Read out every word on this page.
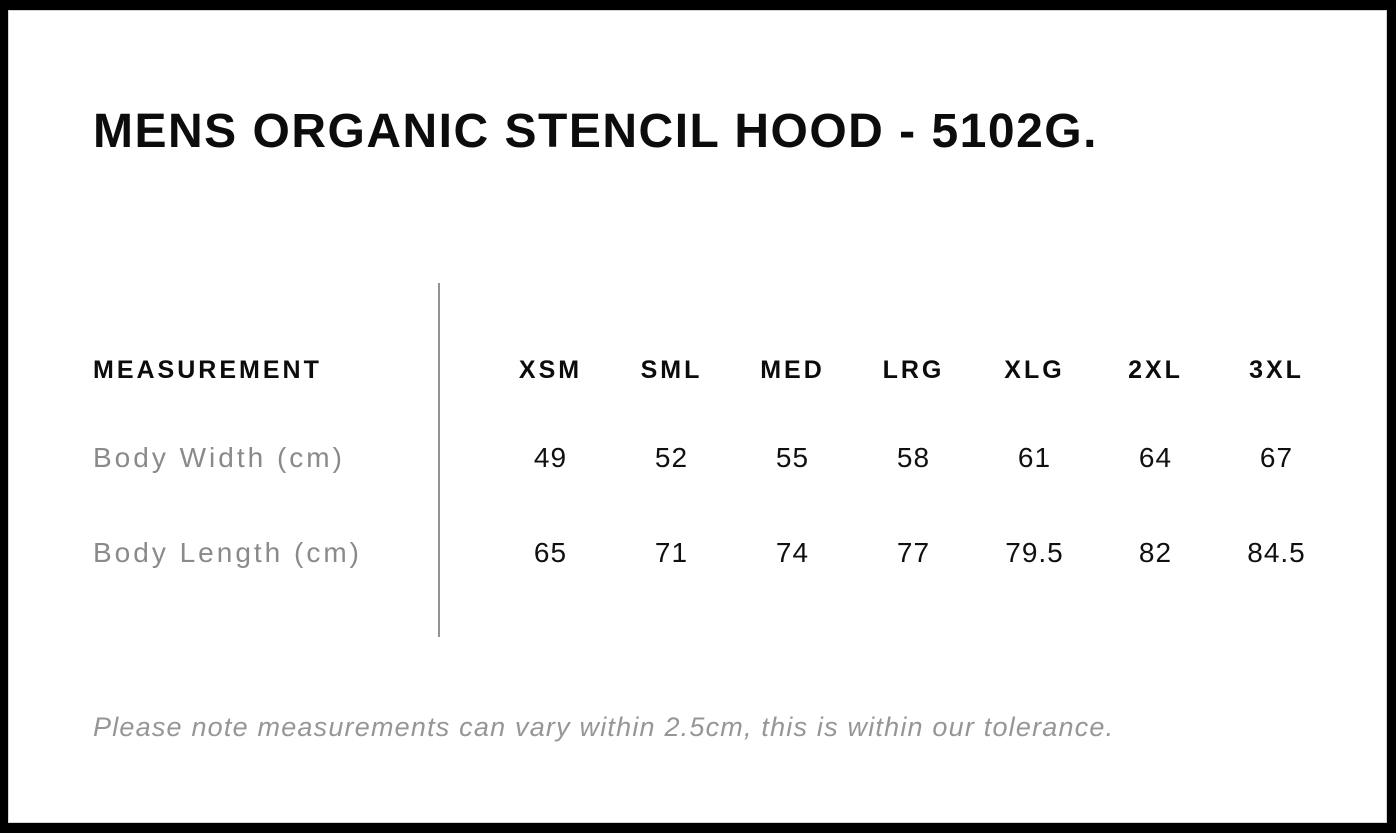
MENS ORGANIC STENCIL HOOD - 5102G.
MEASUREMENT	XSM	SML	MED	LRG	XLG	2XL	3XL
Body Width (cm)	49	52	55	58	61	64	67
Body Length (cm)	65	71	74	77	79.5	82	84.5

Please note measurements can vary within 2.5cm, this is within our tolerance.
